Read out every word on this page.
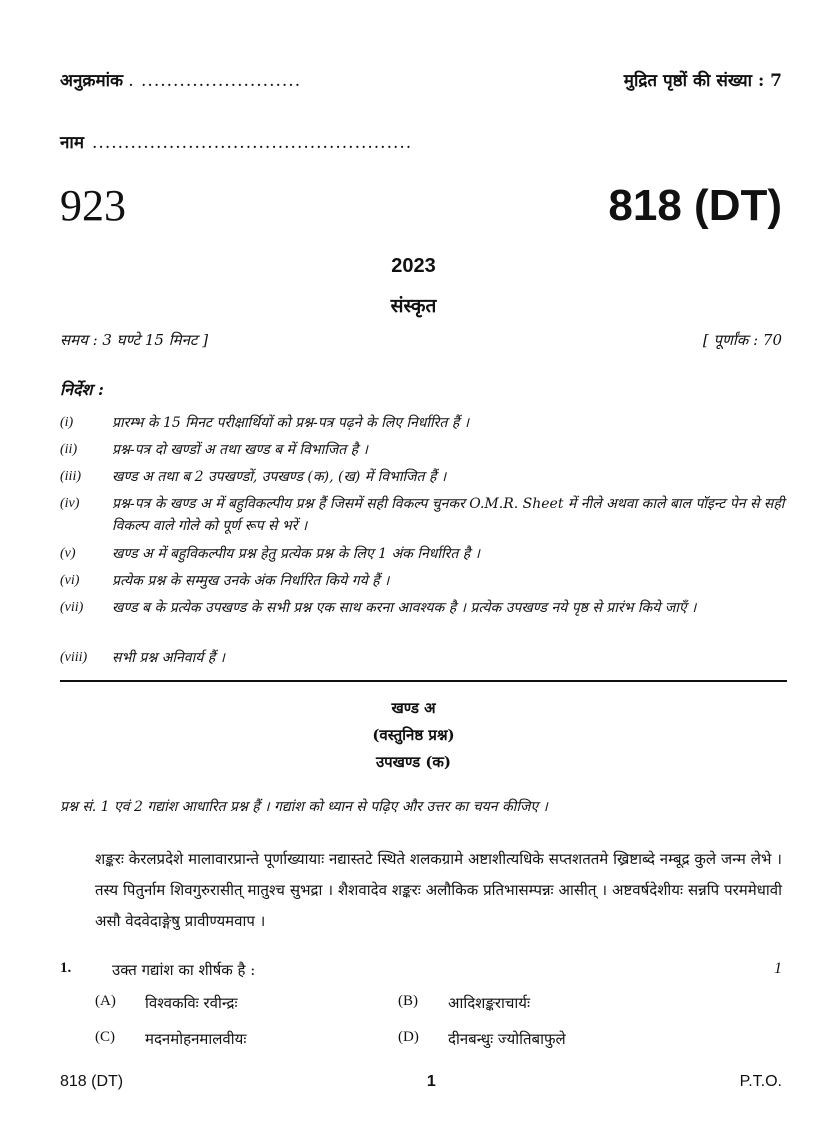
अनुक्रमांक . .........................	मुद्रित पृष्ठों की संख्या : 7
नाम ..................................................
923	818 (DT)
2023
संस्कृत
समय : 3 घण्टे 15 मिनट ]	[ पूर्णांक : 70
निर्देश :
(i)	प्रारम्भ के 15 मिनट परीक्षार्थियों को प्रश्न-पत्र पढ़ने के लिए निर्धारित हैं ।
(ii)	प्रश्न-पत्र दो खण्डों अ तथा खण्ड ब में विभाजित है ।
(iii)	खण्ड अ तथा ब 2 उपखण्डों, उपखण्ड (क), (ख) में विभाजित हैं ।
(iv)	प्रश्न-पत्र के खण्ड अ में बहुविकल्पीय प्रश्न हैं जिसमें सही विकल्प चुनकर O.M.R. Sheet में नीले अथवा काले बाल पॉइन्ट पेन से सही विकल्प वाले गोले को पूर्ण रूप से भरें ।
(v)	खण्ड अ में बहुविकल्पीय प्रश्न हेतु प्रत्येक प्रश्न के लिए 1 अंक निर्धारित है ।
(vi)	प्रत्येक प्रश्न के सम्मुख उनके अंक निर्धारित किये गये हैं ।
(vii)	खण्ड ब के प्रत्येक उपखण्ड के सभी प्रश्न एक साथ करना आवश्यक है । प्रत्येक उपखण्ड नये पृष्ठ से प्रारंभ किये जाएँ ।
(viii)	सभी प्रश्न अनिवार्य हैं ।
खण्ड अ
(वस्तुनिष्ठ प्रश्न)
उपखण्ड (क)
प्रश्न सं. 1 एवं 2 गद्यांश आधारित प्रश्न हैं । गद्यांश को ध्यान से पढ़िए और उत्तर का चयन कीजिए ।
शङ्करः केरलप्रदेशे मालावारप्रान्ते पूर्णाख्यायाः नद्यास्तटे स्थिते शलकग्रामे अष्टाशीत्यधिके सप्तशततमे ख्रिष्टाब्दे नम्बूद्र कुले जन्म लेभे । तस्य पितुर्नाम शिवगुरुरासीत् मातुश्च सुभद्रा । शैशवादेव शङ्करः अलौकिक प्रतिभासम्पन्नः आसीत् । अष्टवर्षदेशीयः सन्नपि परममेधावी असौ वेदवेदाङ्गेषु प्रावीण्यमवाप ।
1.	उक्त गद्यांश का शीर्षक है :	1
(A)	विश्वकविः रवीन्द्रः	(B)	आदिशङ्कराचार्यः
(C)	मदनमोहनमालवीयः	(D)	दीनबन्धुः ज्योतिबाफुले
818 (DT)	1	P.T.O.
